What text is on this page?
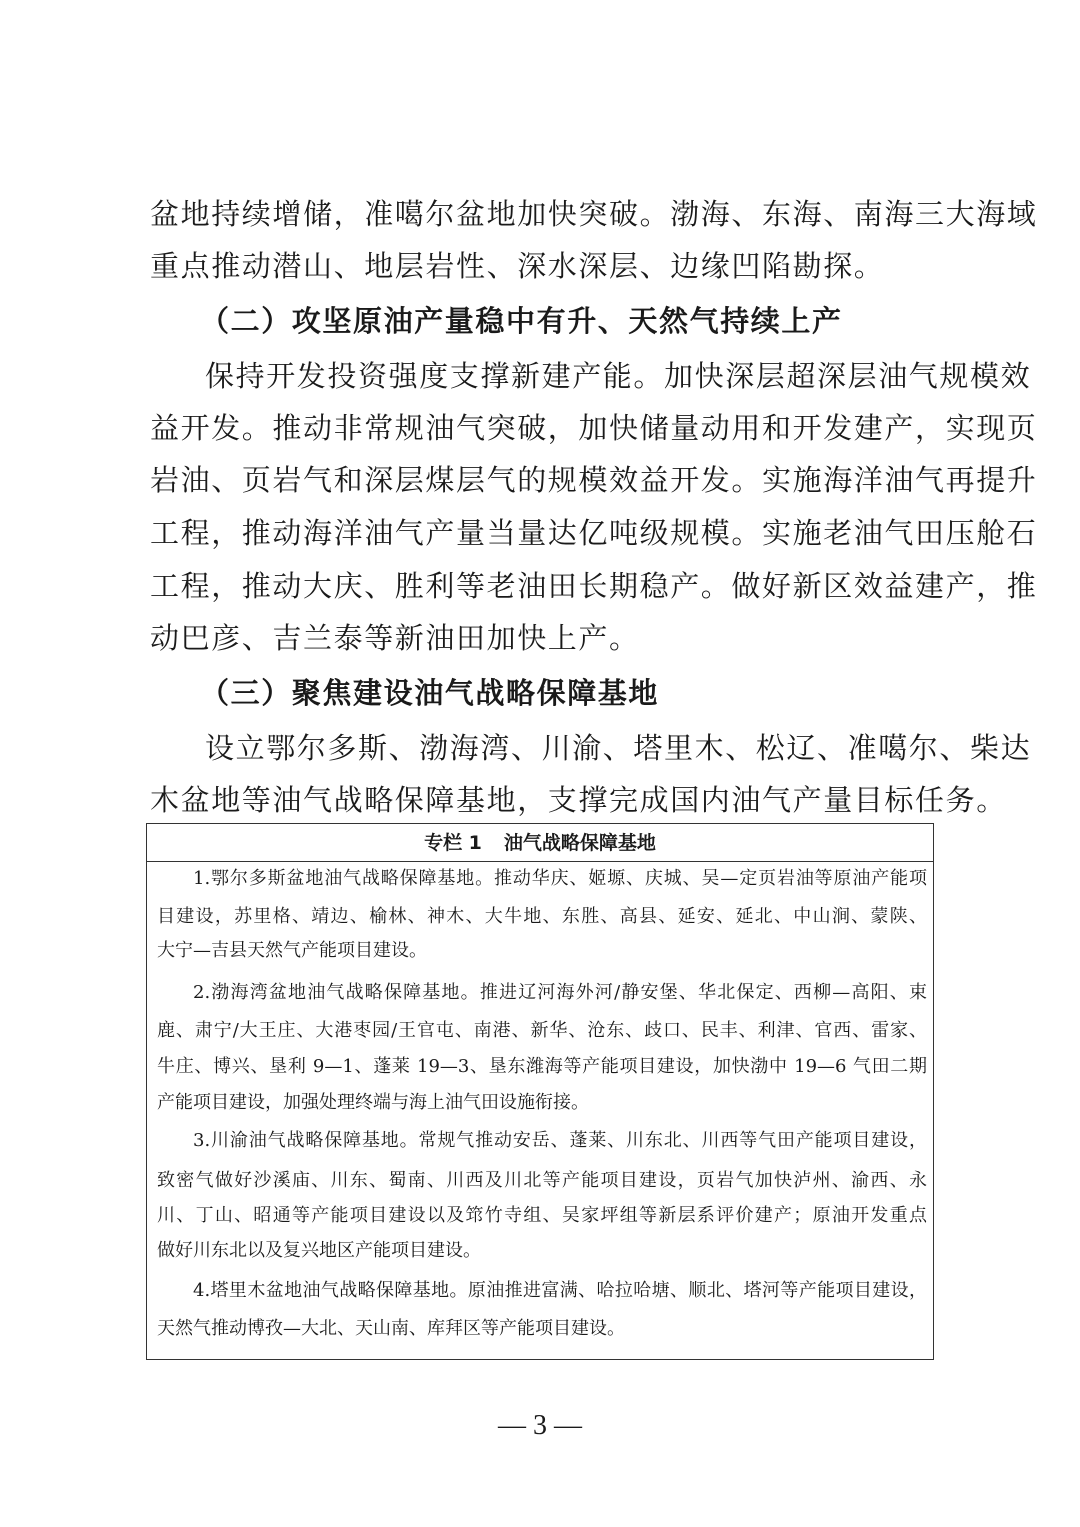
盆地持续增储，准噶尔盆地加快突破。渤海、东海、南海三大海域
重点推动潜山、地层岩性、深水深层、边缘凹陷勘探。
（二）攻坚原油产量稳中有升、天然气持续上产
保持开发投资强度支撑新建产能。加快深层超深层油气规模效
益开发。推动非常规油气突破，加快储量动用和开发建产，实现页
岩油、页岩气和深层煤层气的规模效益开发。实施海洋油气再提升
工程，推动海洋油气产量当量达亿吨级规模。实施老油气田压舱石
工程，推动大庆、胜利等老油田长期稳产。做好新区效益建产，推
动巴彦、吉兰泰等新油田加快上产。
（三）聚焦建设油气战略保障基地
设立鄂尔多斯、渤海湾、川渝、塔里木、松辽、准噶尔、柴达
木盆地等油气战略保障基地，支撑完成国内油气产量目标任务。
专栏 1 油气战略保障基地
1.鄂尔多斯盆地油气战略保障基地。推动华庆、姬塬、庆城、吴—定页岩油等原油产能项
目建设，苏里格、靖边、榆林、神木、大牛地、东胜、高县、延安、延北、中山涧、蒙陕、
大宁—吉县天然气产能项目建设。
2.渤海湾盆地油气战略保障基地。推进辽河海外河/静安堡、华北保定、西柳—高阳、束
鹿、肃宁/大王庄、大港枣园/王官屯、南港、新华、沧东、歧口、民丰、利津、官西、雷家、
牛庄、博兴、垦利 9—1、蓬莱 19—3、垦东潍海等产能项目建设，加快渤中 19—6 气田二期
产能项目建设，加强处理终端与海上油气田设施衔接。
3.川渝油气战略保障基地。常规气推动安岳、蓬莱、川东北、川西等气田产能项目建设，
致密气做好沙溪庙、川东、蜀南、川西及川北等产能项目建设，页岩气加快泸州、渝西、永
川、丁山、昭通等产能项目建设以及筇竹寺组、吴家坪组等新层系评价建产；原油开发重点
做好川东北以及复兴地区产能项目建设。
4.塔里木盆地油气战略保障基地。原油推进富满、哈拉哈塘、顺北、塔河等产能项目建设，
天然气推动博孜—大北、天山南、库拜区等产能项目建设。
— 3 —
